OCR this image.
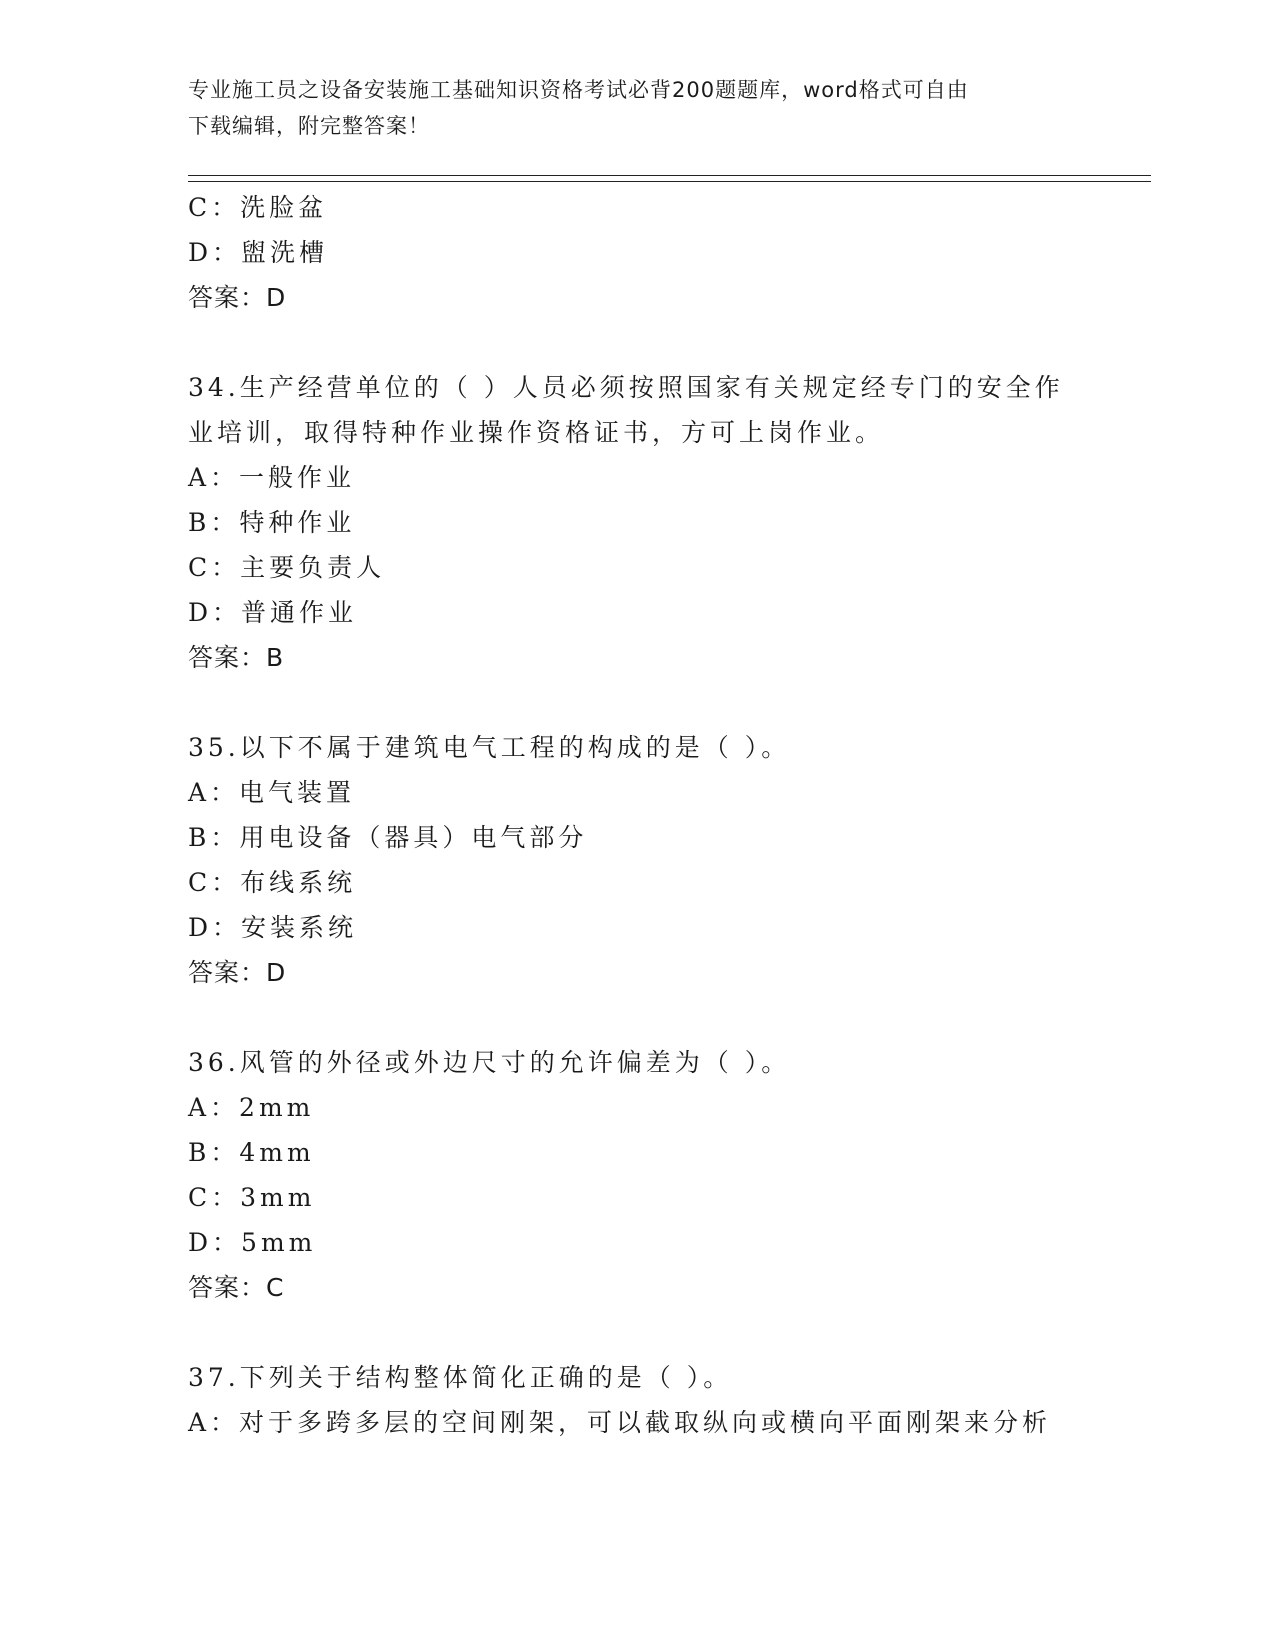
专业施工员之设备安装施工基础知识资格考试必背200题题库，word格式可自由
下载编辑，附完整答案！
C：洗脸盆
D：盥洗槽
答案：D
34.生产经营单位的（ ）人员必须按照国家有关规定经专门的安全作
业培训，取得特种作业操作资格证书，方可上岗作业。
A：一般作业
B：特种作业
C：主要负责人
D：普通作业
答案：B
35.以下不属于建筑电气工程的构成的是（ ）。
A：电气装置
B：用电设备（器具）电气部分
C：布线系统
D：安装系统
答案：D
36.风管的外径或外边尺寸的允许偏差为（ ）。
A：2mm
B：4mm
C：3mm
D：5mm
答案：C
37.下列关于结构整体简化正确的是（ ）。
A：对于多跨多层的空间刚架，可以截取纵向或横向平面刚架来分析
